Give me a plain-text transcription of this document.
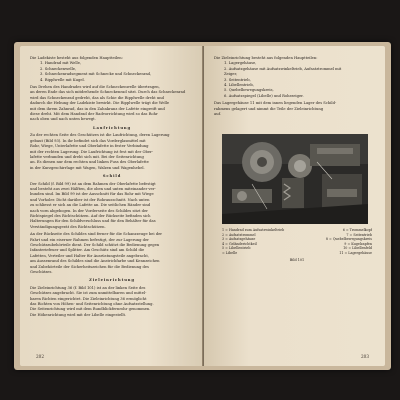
Die Ladekiste besteht aus folgenden Hauptteilen:
1. Handrad mit Welle,
2. Schneckenwelle,
3. Schneckenradsegment mit Schnecke und Schneckenrad,
4. Ripplwelle mit Kugel.
Das Drehen des Handrades wird auf die Schneckenwelle übertragen,
an deren Ende das sich mitdrehende Schneckenrad sitzt. Durch das Schneckenrad
wird das Schneckenrad gedreht, das als Schie die Ripplwelle dreht und
dadurch die Hebung der Ladekiste bewirkt. Die Ripplwelle trägt die Welle
mit dem ihrem Zahnrad, das in den Zahnkranz der Lafette eingreift und
diese dreht. Mit dem Handrad der Radvorrichtung wird so das Rohr
nach oben und nach unten bewegt.
Laufrichtung
Zu der rechten Seite des Geschützes ist die Laufrichtung, deren Lagerung
gebaut (Bild 93). In ihr befindet sich das Vorderglasmittel mit
Rohr, Wiege, Unterlafette und Oberlafette in fester Verbindung
mit der rechten Lagerung. Die Laufrichtung ist fest mit der Ober-
lafette verbunden und dreht sich mit. Bei der Seitenrichtung
an. Es dienen nur dem rechten und linken Fuss des Oberlafette
in der Kurzgeschirrlage mit Wagen, Walzen und Wagenhebel.
Schild
Der Schild (f. Bild 99) ist an dem Rahmen der Oberlafette befestigt
und besteht aus zwei Hälften, die oben und unten miteinander ver-
bunden sind. Im Bild 99 ist der Ausschnitt für das Rohr mit Wiege
und Vorholer. Dicht darüber ist der Rohrausschnitt. Nach unten
zu schliesst er sich an die Lafette an. Die seitlichen Ränder sind
nach vorn abgebogen. In der Vorderseite des Schildes sitzt der
Richtspiegel des Richtschützen. Auf der Rückseite befinden sich
Halterungen für den Schildverschluss und für den Behälter für das
Verständigungsgerät des Richtschützen.
An der Rückseite des Schildes sind ferner für die Schanzzeuge bei der
Fahrt und ein eiserner Rahmen befestigt, der zur Lagerung der
Geschützzubehörteile dient. Der Schild schützt die Bedienung gegen
Infanteriefeuer und Splitter. Am Geschütz sind am Schild die
Lafetten, Verteiler und Halter für Ausrüstungsteile angebracht,
am Aussenrand des Schildes sind die Anstrichfarbe und Kennzeichen
und Zubehörteile der Sicherheitszeichen für die Bedienung des
Geschützes.
Zieleinrichtung
Die Zieleinrichtung 36 (f. Bild 101) ist an der linken Seite des
Geschützes angebracht. Sie ist zum unmittelbaren und mittel-
baren Richten eingerichtet. Die Zieleinrichtung 36 ermöglicht
das Richten von Höhen- und Seitenrichtung ohne Aufsatzstellung.
Die Seitenrichtung wird mit dem Rundblickfernrohr genommen.
Die Höhenrichtung wird mit der Libelle eingestellt.
202
Die Zieleinrichtung besteht aus folgenden Hauptteilen:
1. Lagergehäuse,
2. Aufsatzgehäuse mit Aufsatzwinkeltrieb, Aufsatztrommel mit
Zeiger,
3. Seitentrieb,
4. Libellentrieb,
5. Quebelbewegungskreis,
6. Aufsatzspiegel (Libelle) und Rohrzeiger.
Das Lagergehäuse 11 mit dem innen liegenden Lager des Schild-
rahmens gelagert und nimmt die Teile der Zieleinrichtung
auf.
1 = Handrad zum Aufsatzwinkeltrieb	6 = Trommelkopf
2 = Aufsatztrommel	7 = Seitentrieb
3 = Aufsatzgehäuse	8 = Quebelbewegungskreis
4 = Geländerichtkeil	9 = Kugelzapfen
5 = Libellentrieb	10 = Libellenfeld
= Libelle	11 = Lagergehäuse
Bild 101
203
